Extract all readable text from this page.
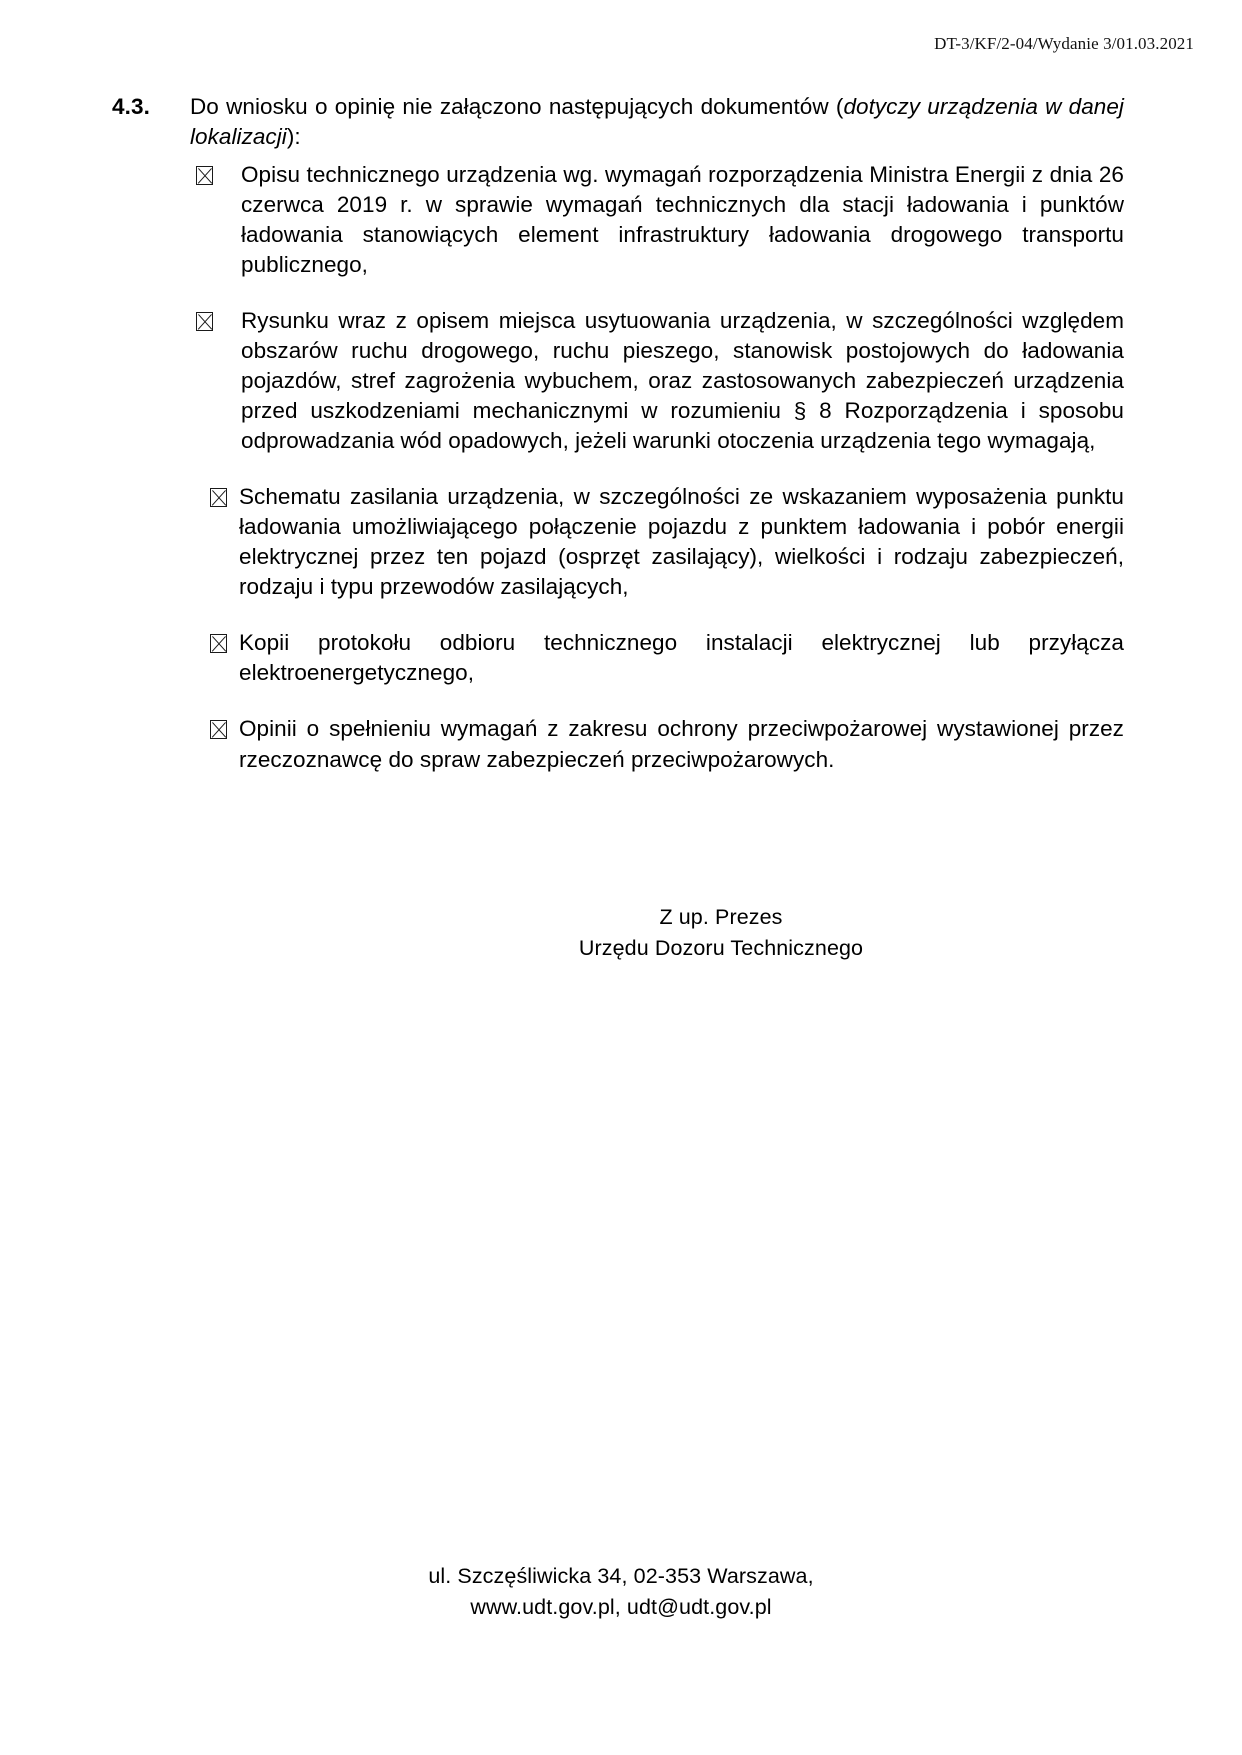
DT-3/KF/2-04/Wydanie 3/01.03.2021
4.3.	Do wniosku o opinię nie załączono następujących dokumentów (dotyczy urządzenia w danej lokalizacji):
Opisu technicznego urządzenia wg. wymagań rozporządzenia Ministra Energii z dnia 26 czerwca 2019 r. w sprawie wymagań technicznych dla stacji ładowania i punktów ładowania stanowiących element infrastruktury ładowania drogowego transportu publicznego,
Rysunku wraz z opisem miejsca usytuowania urządzenia, w szczególności względem obszarów ruchu drogowego, ruchu pieszego, stanowisk postojowych do ładowania pojazdów, stref zagrożenia wybuchem, oraz zastosowanych zabezpieczeń urządzenia przed uszkodzeniami mechanicznymi w rozumieniu § 8 Rozporządzenia i sposobu odprowadzania wód opadowych, jeżeli warunki otoczenia urządzenia tego wymagają,
Schematu zasilania urządzenia, w szczególności ze wskazaniem wyposażenia punktu ładowania umożliwiającego połączenie pojazdu z punktem ładowania i pobór energii elektrycznej przez ten pojazd (osprzęt zasilający), wielkości i rodzaju zabezpieczeń, rodzaju i typu przewodów zasilających,
Kopii protokołu odbioru technicznego instalacji elektrycznej lub przyłącza elektroenergetycznego,
Opinii o spełnieniu wymagań z zakresu ochrony przeciwpożarowej wystawionej przez rzeczoznawcę do spraw zabezpieczeń przeciwpożarowych.
Z up. Prezes
Urzędu Dozoru Technicznego
ul. Szczęśliwicka 34, 02-353 Warszawa,
www.udt.gov.pl, udt@udt.gov.pl
